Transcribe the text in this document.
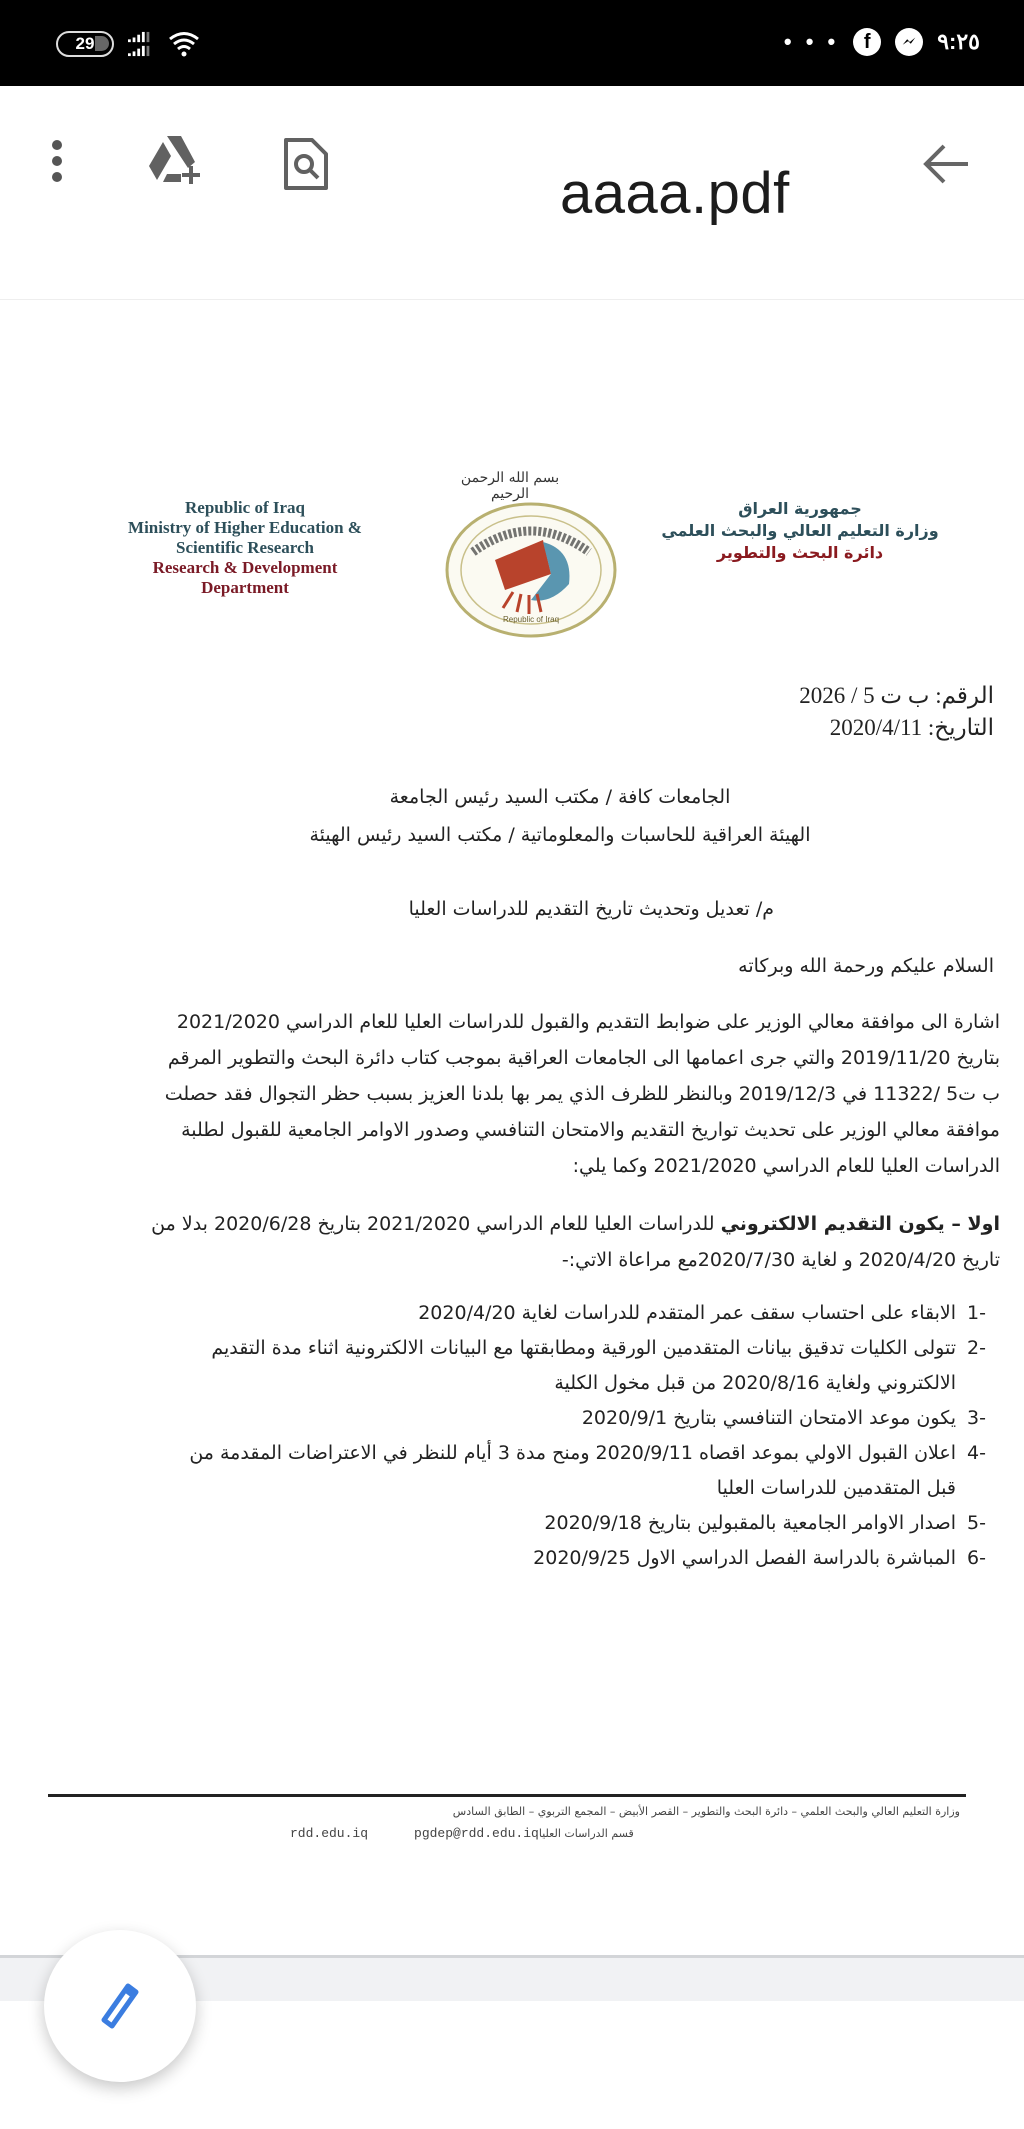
29	• • •	f	٩:٢٥
aaaa.pdf
Republic of Iraq
Ministry of Higher Education &
Scientific Research
Research & Development
Department
بسم الله الرحمن الرحيم
Republic of Iraq
جمهورية العراق
وزارة التعليم العالي والبحث العلمي
دائرة البحث والتطوير
الرقم: ب ت 5 / 2026
التاريخ: 2020/4/11
الجامعات كافة / مكتب السيد رئيس الجامعة
الهيئة العراقية للحاسبات والمعلوماتية / مكتب السيد رئيس الهيئة
م/ تعديل وتحديث تاريخ التقديم للدراسات العليا
السلام عليكم ورحمة الله وبركاته
اشارة الى موافقة معالي الوزير على ضوابط التقديم والقبول للدراسات العليا للعام الدراسي 2021/2020
بتاريخ 2019/11/20 والتي جرى اعمامها الى الجامعات العراقية بموجب كتاب دائرة البحث والتطوير المرقم
ب ت5 /11322 في 2019/12/3 وبالنظر للظرف الذي يمر بها بلدنا العزيز بسبب حظر التجوال فقد حصلت
موافقة معالي الوزير على تحديث تواريخ التقديم والامتحان التنافسي وصدور الاوامر الجامعية للقبول لطلبة
الدراسات العليا للعام الدراسي 2021/2020 وكما يلي:
اولا – يكون التقديم الالكتروني للدراسات العليا للعام الدراسي 2021/2020 بتاريخ 2020/6/28 بدلا من
تاريخ 2020/4/20 و لغاية 2020/7/30مع مراعاة الاتي:-
-1الابقاء على احتساب سقف عمر المتقدم للدراسات لغاية 2020/4/20
-2تتولى الكليات تدقيق بيانات المتقدمين الورقية ومطابقتها مع البيانات الالكترونية اثناء مدة التقديم
الالكتروني ولغاية 2020/8/16 من قبل مخول الكلية
-3يكون موعد الامتحان التنافسي بتاريخ 2020/9/1
-4اعلان القبول الاولي بموعد اقصاه 2020/9/11 ومنح مدة 3 أيام للنظر في الاعتراضات المقدمة من
قبل المتقدمين للدراسات العليا
-5اصدار الاوامر الجامعية بالمقبولين بتاريخ 2020/9/18
-6المباشرة بالدراسة الفصل الدراسي الاول 2020/9/25
وزارة التعليم العالي والبحث العلمي – دائرة البحث والتطوير – القصر الأبيض – المجمع التربوي – الطابق السادس
rdd.edu.iq	pgdep@rdd.edu.iqقسم الدراسات العليا
